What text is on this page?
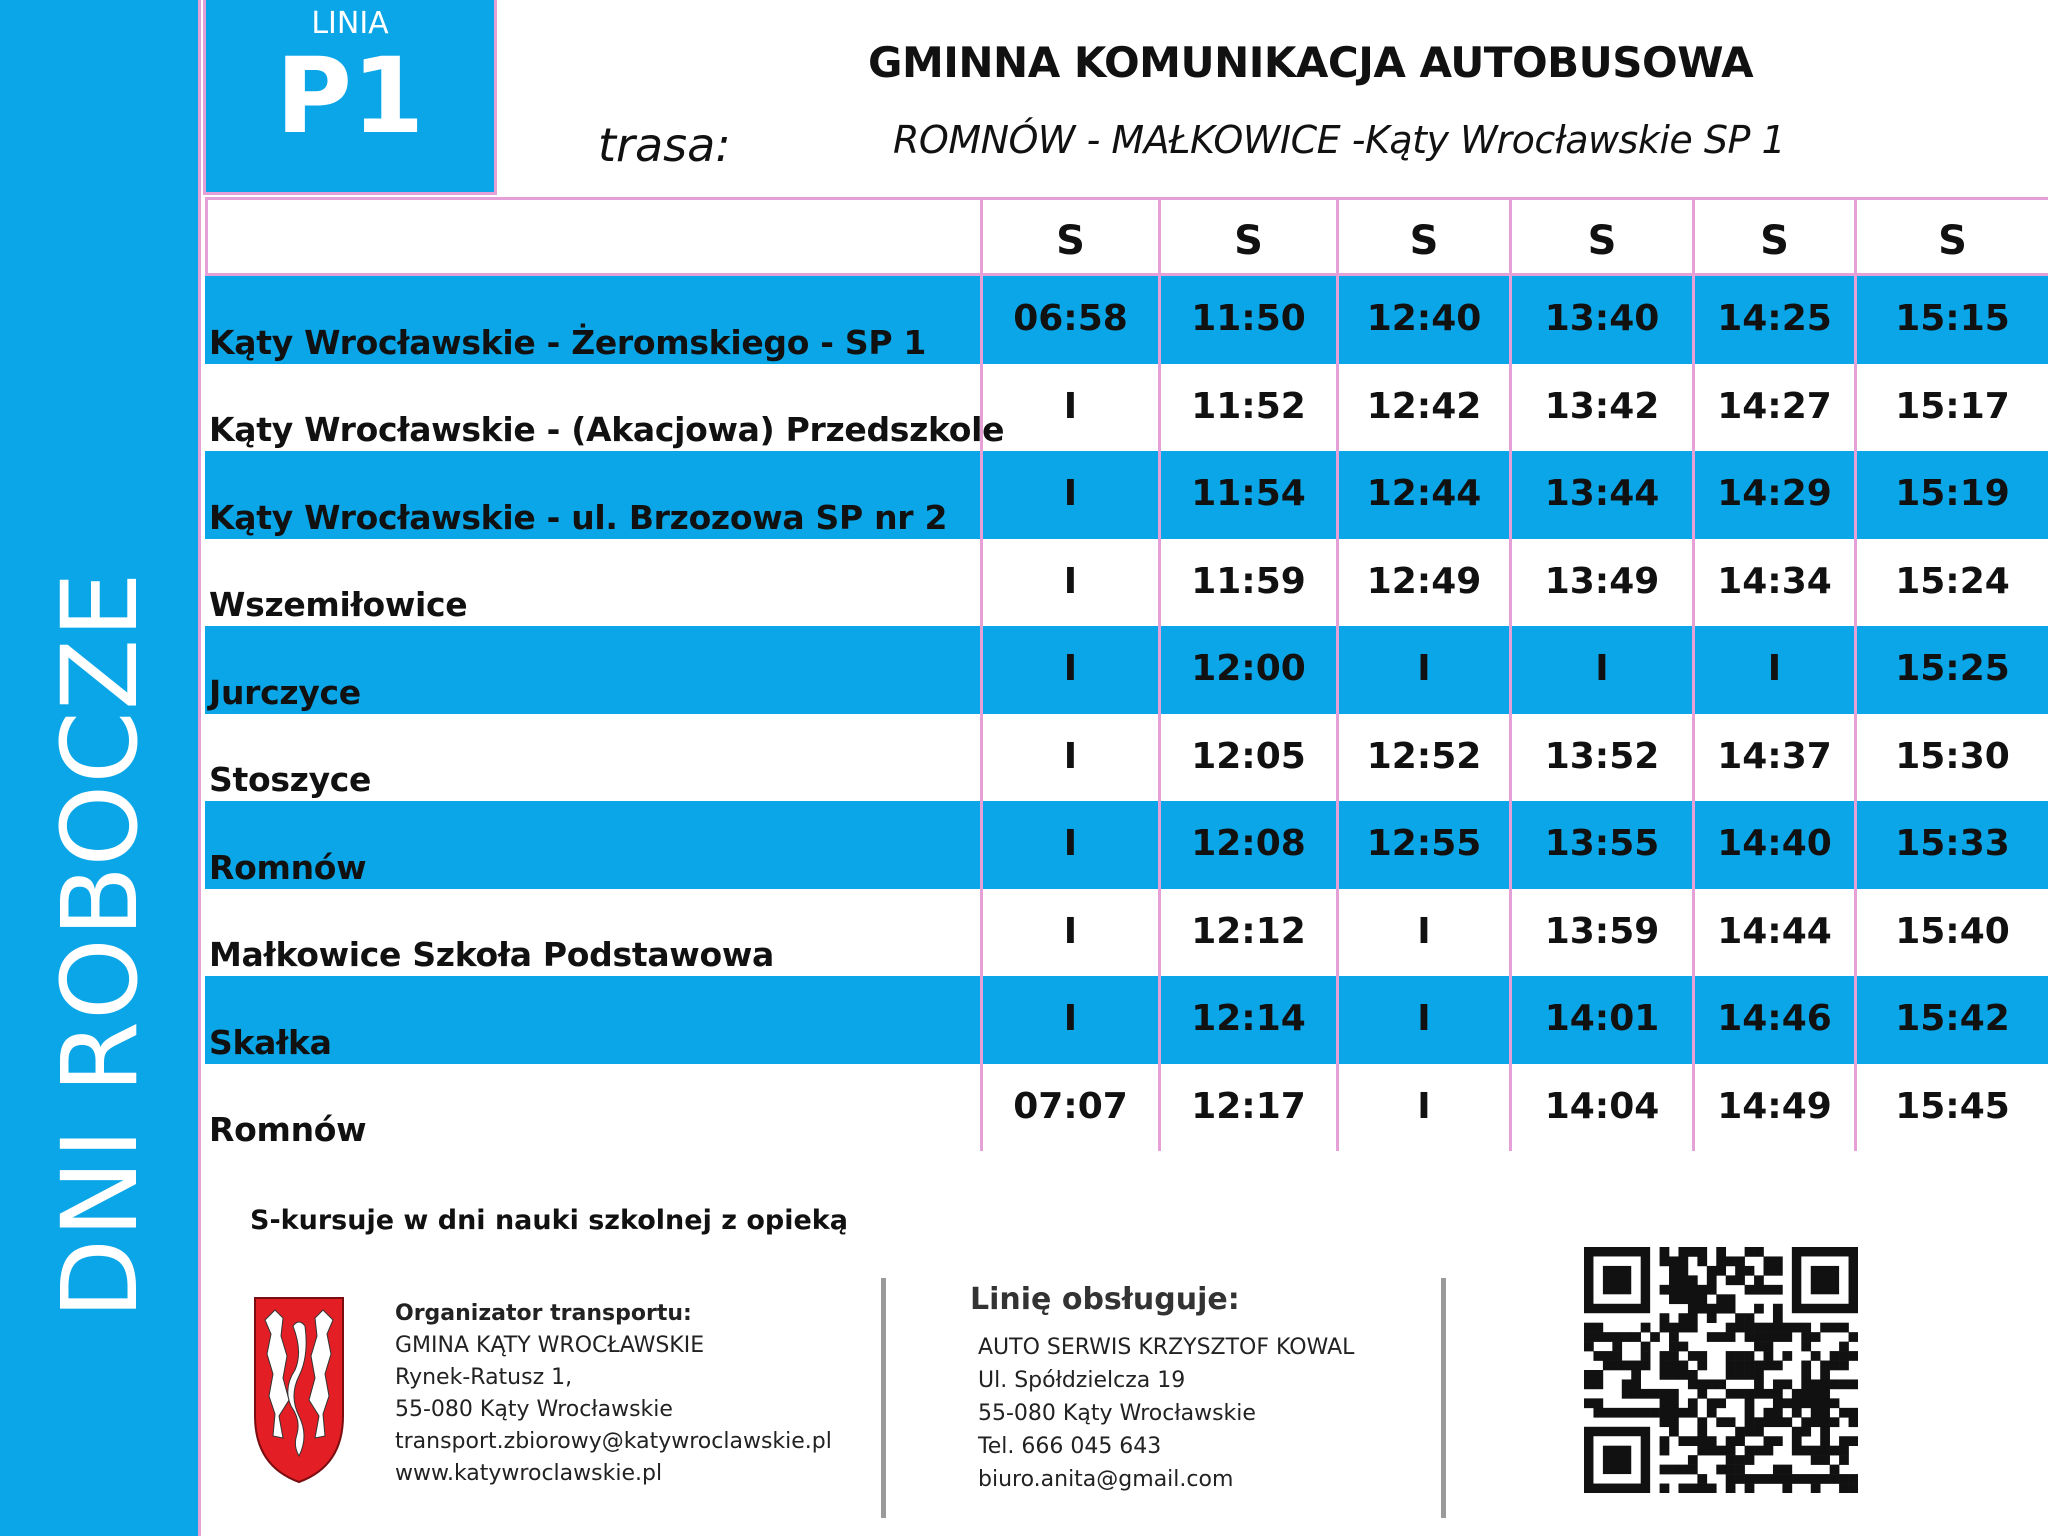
DNI ROBOCZE
LINIA
P1	GMINNA KOMUNIKACJA AUTOBUSOWA
trasa:	ROMNÓW - MAŁKOWICE -Kąty Wrocławskie SP 1
S	S	S	S	S	S
Kąty Wrocławskie - Żeromskiego - SP 1
06:58	11:50	12:40	13:40	14:25	15:15
Kąty Wrocławskie - (Akacjowa) Przedszkole
I	11:52	12:42	13:42	14:27	15:17
Kąty Wrocławskie - ul. Brzozowa SP nr 2
I	11:54	12:44	13:44	14:29	15:19
Wszemiłowice
I	11:59	12:49	13:49	14:34	15:24
Jurczyce
I	12:00	I	I	I	15:25
Stoszyce
I	12:05	12:52	13:52	14:37	15:30
Romnów
I	12:08	12:55	13:55	14:40	15:33
Małkowice Szkoła Podstawowa
I	12:12	I	13:59	14:44	15:40
Skałka
I	12:14	I	14:01	14:46	15:42
Romnów
07:07	12:17	I	14:04	14:49	15:45
S-kursuje w dni nauki szkolnej z opieką
Organizator transportu:
GMINA KĄTY WROCŁAWSKIE
Rynek-Ratusz 1,
55-080 Kąty Wrocławskie
transport.zbiorowy@katywroclawskie.pl
www.katywroclawskie.pl
Linię obsługuje:
AUTO SERWIS KRZYSZTOF KOWAL
Ul. Spółdzielcza 19
55-080 Kąty Wrocławskie
Tel. 666 045 643
biuro.anita@gmail.com
